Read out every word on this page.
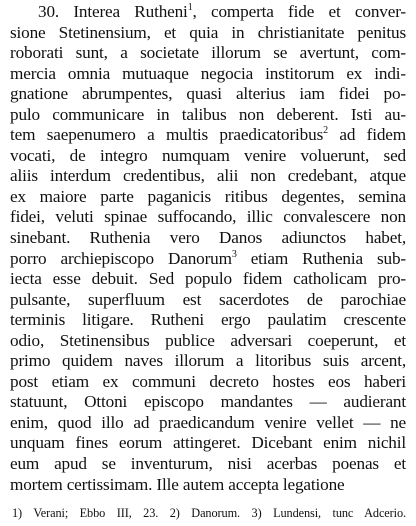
30. Interea Rutheni$^1$, comperta fide et conver-
sione Stetinensium, et quia in christianitate penitus
roborati sunt, a societate illorum se avertunt, com-
mercia omnia mutuaque negocia institorum ex indi-
gnatione abrumpentes, quasi alterius iam fidei po-
pulo communicare in talibus non deberent. Isti au-
tem saepenumero a multis praedicatoribus$^2$ ad fidem
vocati, de integro numquam venire voluerunt, sed
aliis interdum credentibus, alii non credebant, atque
ex maiore parte paganicis ritibus degentes, semina
fidei, veluti spinae suffocando, illic convalescere non
sinebant. Ruthenia vero Danos adiunctos habet,
porro archiepiscopo Danorum$^3$ etiam Ruthenia sub-
iecta esse debuit. Sed populo fidem catholicam pro-
pulsante, superfluum est sacerdotes de parochiae
terminis litigare. Rutheni ergo paulatim crescente
odio, Stetinensibus publice adversari coeperunt, et
primo quidem naves illorum a litoribus suis arcent,
post etiam ex communi decreto hostes eos haberi
statuunt, Ottoni episcopo mandantes — audierant
enim, quod illo ad praedicandum venire vellet — ne
unquam fines eorum attingeret. Dicebant enim nichil
eum apud se inventurum, nisi acerbas poenas et
mortem certissimam. Ille autem accepta legatione
1) Verani; Ebbo III, 23. 2) Danorum. 3) Lundensi, tunc Adcerio.
